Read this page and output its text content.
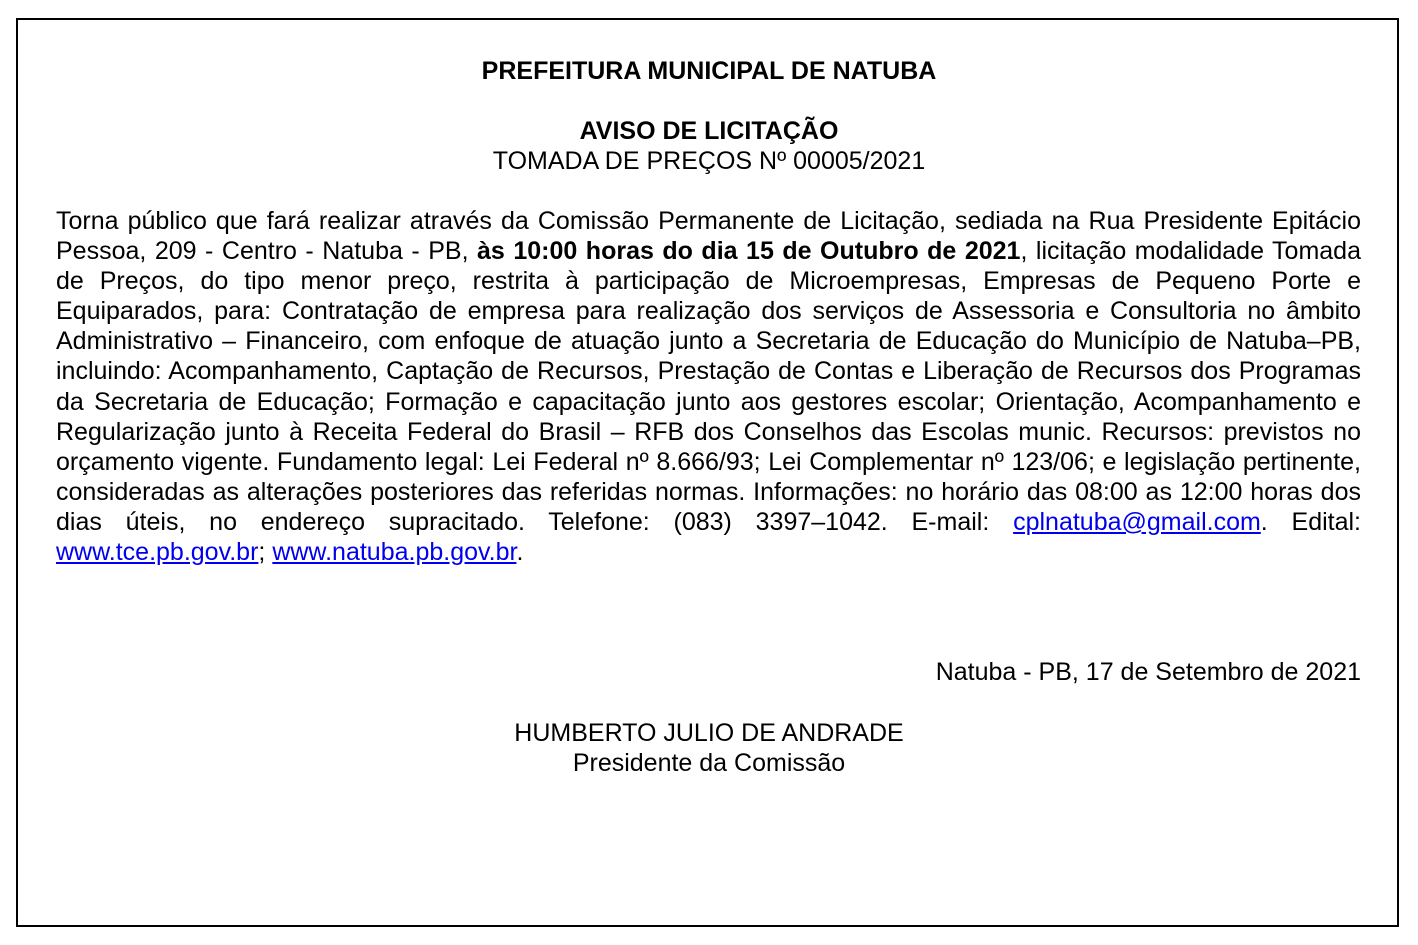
PREFEITURA MUNICIPAL DE NATUBA
AVISO DE LICITAÇÃO
TOMADA DE PREÇOS Nº 00005/2021

Torna público que fará realizar através da Comissão Permanente de Licitação, sediada na Rua Presidente Epitácio Pessoa, 209 - Centro - Natuba - PB, às 10:00 horas do dia 15 de Outubro de 2021, licitação modalidade Tomada de Preços, do tipo menor preço, restrita à participação de Microempresas, Empresas de Pequeno Porte e Equiparados, para: Contratação de empresa para realização dos serviços de Assessoria e Consultoria no âmbito Administrativo – Financeiro, com enfoque de atuação junto a Secretaria de Educação do Município de Natuba–PB, incluindo: Acompanhamento, Captação de Recursos, Prestação de Contas e Liberação de Recursos dos Programas da Secretaria de Educação; Formação e capacitação junto aos gestores escolar; Orientação, Acompanhamento e Regularização junto à Receita Federal do Brasil – RFB dos Conselhos das Escolas munic. Recursos: previstos no orçamento vigente. Fundamento legal: Lei Federal nº 8.666/93; Lei Complementar nº 123/06; e legislação pertinente, consideradas as alterações posteriores das referidas normas. Informações: no horário das 08:00 as 12:00 horas dos dias úteis, no endereço supracitado. Telefone: (083) 3397–1042. E-mail: cplnatuba@gmail.com. Edital: www.tce.pb.gov.br; www.natuba.pb.gov.br.

Natuba - PB, 17 de Setembro de 2021
HUMBERTO JULIO DE ANDRADE
Presidente da Comissão
